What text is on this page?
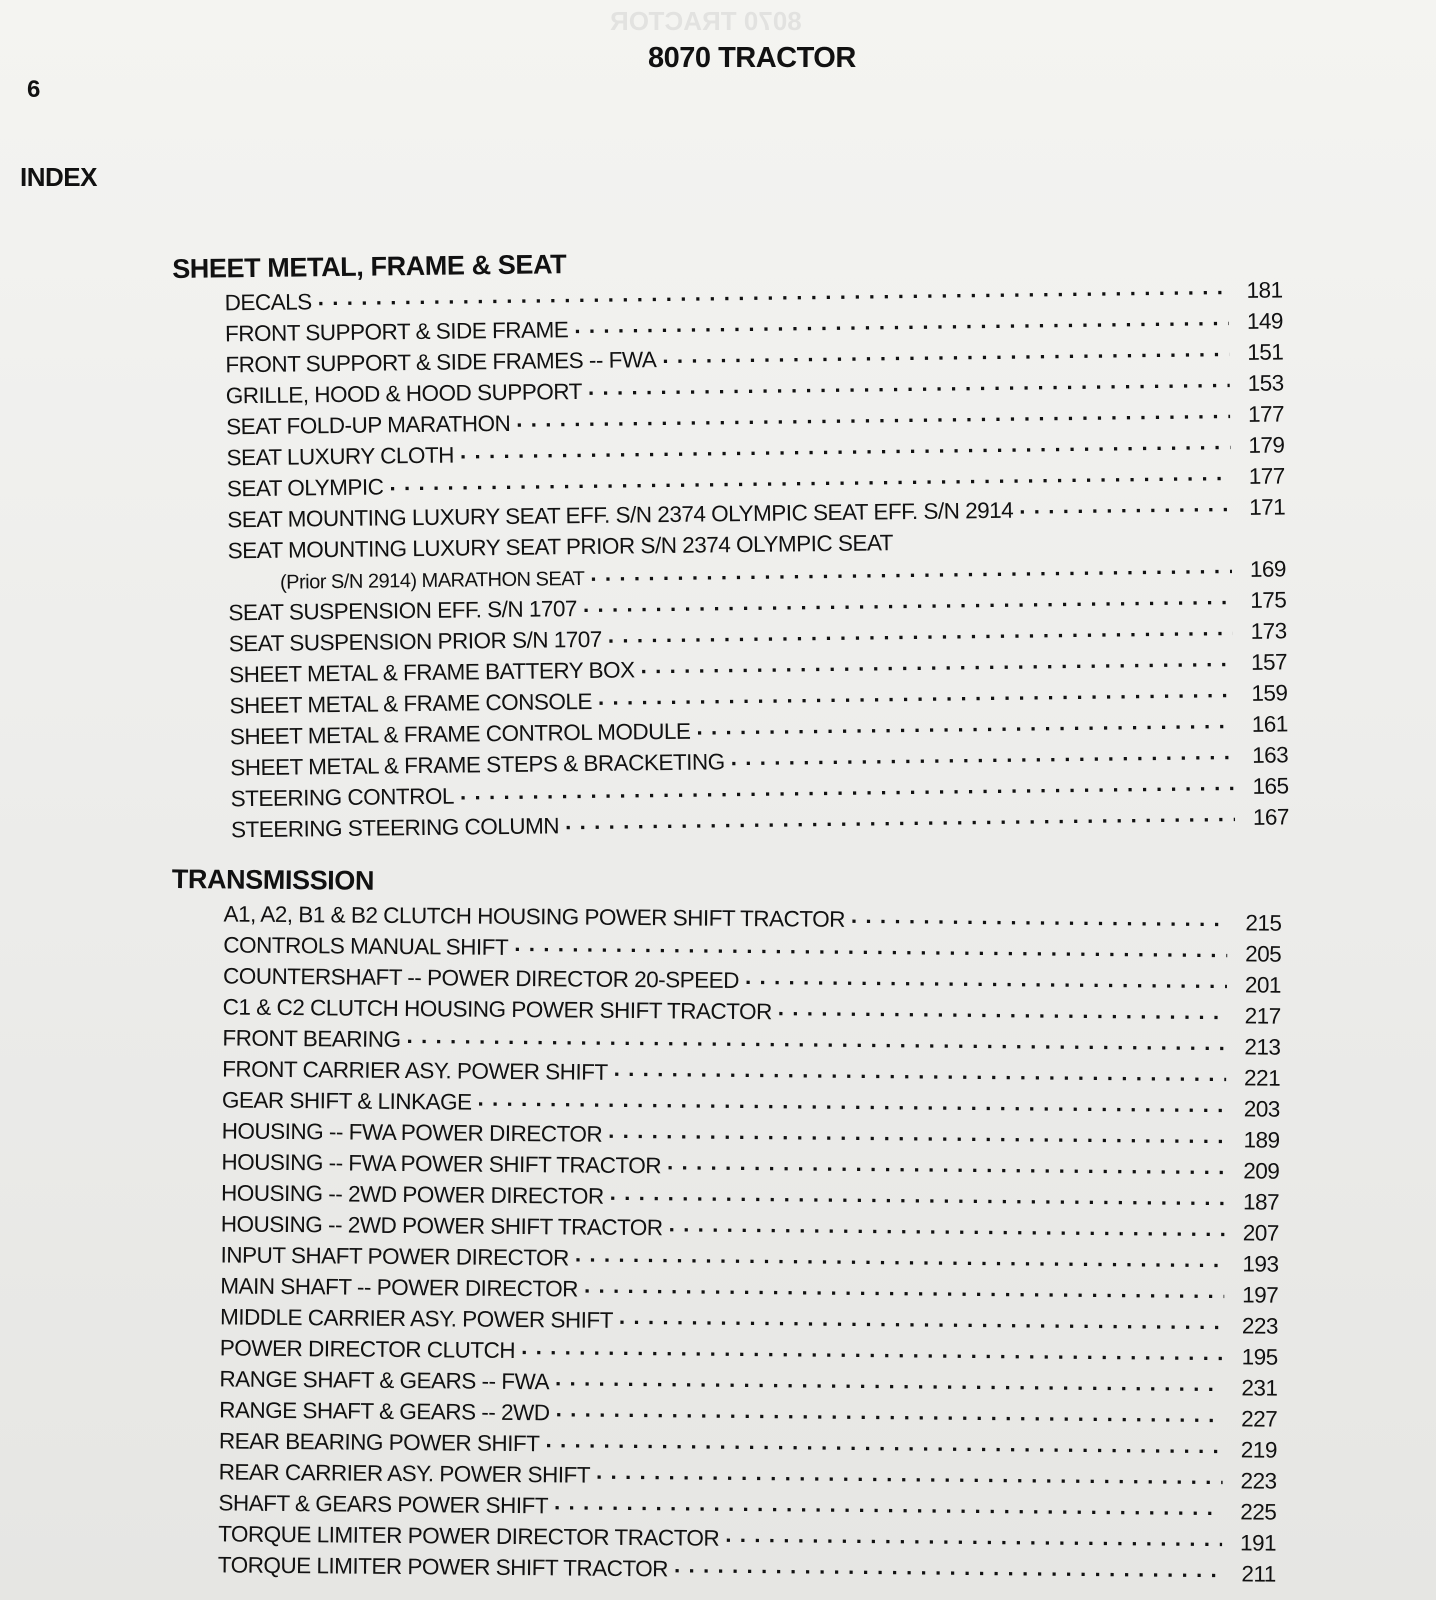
8070 TRACTOR
6
8070 TRACTOR
INDEX
SHEET METAL, FRAME & SEAT
DECALS . . .	181
FRONT SUPPORT & SIDE FRAME . . .	149
FRONT SUPPORT & SIDE FRAMES -- FWA . . .	151
GRILLE, HOOD & HOOD SUPPORT . . .	153
SEAT FOLD-UP MARATHON . . .	177
SEAT LUXURY CLOTH . . .	179
SEAT OLYMPIC . . .	177
SEAT MOUNTING LUXURY SEAT EFF. S/N 2374 OLYMPIC SEAT EFF. S/N 2914 . . .	171
SEAT MOUNTING LUXURY SEAT PRIOR S/N 2374 OLYMPIC SEAT
(Prior S/N 2914) MARATHON SEAT . . .	169
SEAT SUSPENSION EFF. S/N 1707 . . .	175
SEAT SUSPENSION PRIOR S/N 1707 . . .	173
SHEET METAL & FRAME BATTERY BOX . . .	157
SHEET METAL & FRAME CONSOLE . . .	159
SHEET METAL & FRAME CONTROL MODULE . . .	161
SHEET METAL & FRAME STEPS & BRACKETING . . .	163
STEERING CONTROL . . .	165
STEERING STEERING COLUMN . . .	167
TRANSMISSION
A1, A2, B1 & B2 CLUTCH HOUSING POWER SHIFT TRACTOR . . .	215
CONTROLS MANUAL SHIFT . . .	205
COUNTERSHAFT -- POWER DIRECTOR 20-SPEED . . .	201
C1 & C2 CLUTCH HOUSING POWER SHIFT TRACTOR . . .	217
FRONT BEARING . . .	213
FRONT CARRIER ASY. POWER SHIFT . . .	221
GEAR SHIFT & LINKAGE . . .	203
HOUSING -- FWA POWER DIRECTOR . . .	189
HOUSING -- FWA POWER SHIFT TRACTOR . . .	209
HOUSING -- 2WD POWER DIRECTOR . . .	187
HOUSING -- 2WD POWER SHIFT TRACTOR . . .	207
INPUT SHAFT POWER DIRECTOR . . .	193
MAIN SHAFT -- POWER DIRECTOR . . .	197
MIDDLE CARRIER ASY. POWER SHIFT . . .	223
POWER DIRECTOR CLUTCH . . .	195
RANGE SHAFT & GEARS -- FWA . . .	231
RANGE SHAFT & GEARS -- 2WD . . .	227
REAR BEARING POWER SHIFT . . .	219
REAR CARRIER ASY. POWER SHIFT . . .	223
SHAFT & GEARS POWER SHIFT . . .	225
TORQUE LIMITER POWER DIRECTOR TRACTOR . . .	191
TORQUE LIMITER POWER SHIFT TRACTOR . . .	211
